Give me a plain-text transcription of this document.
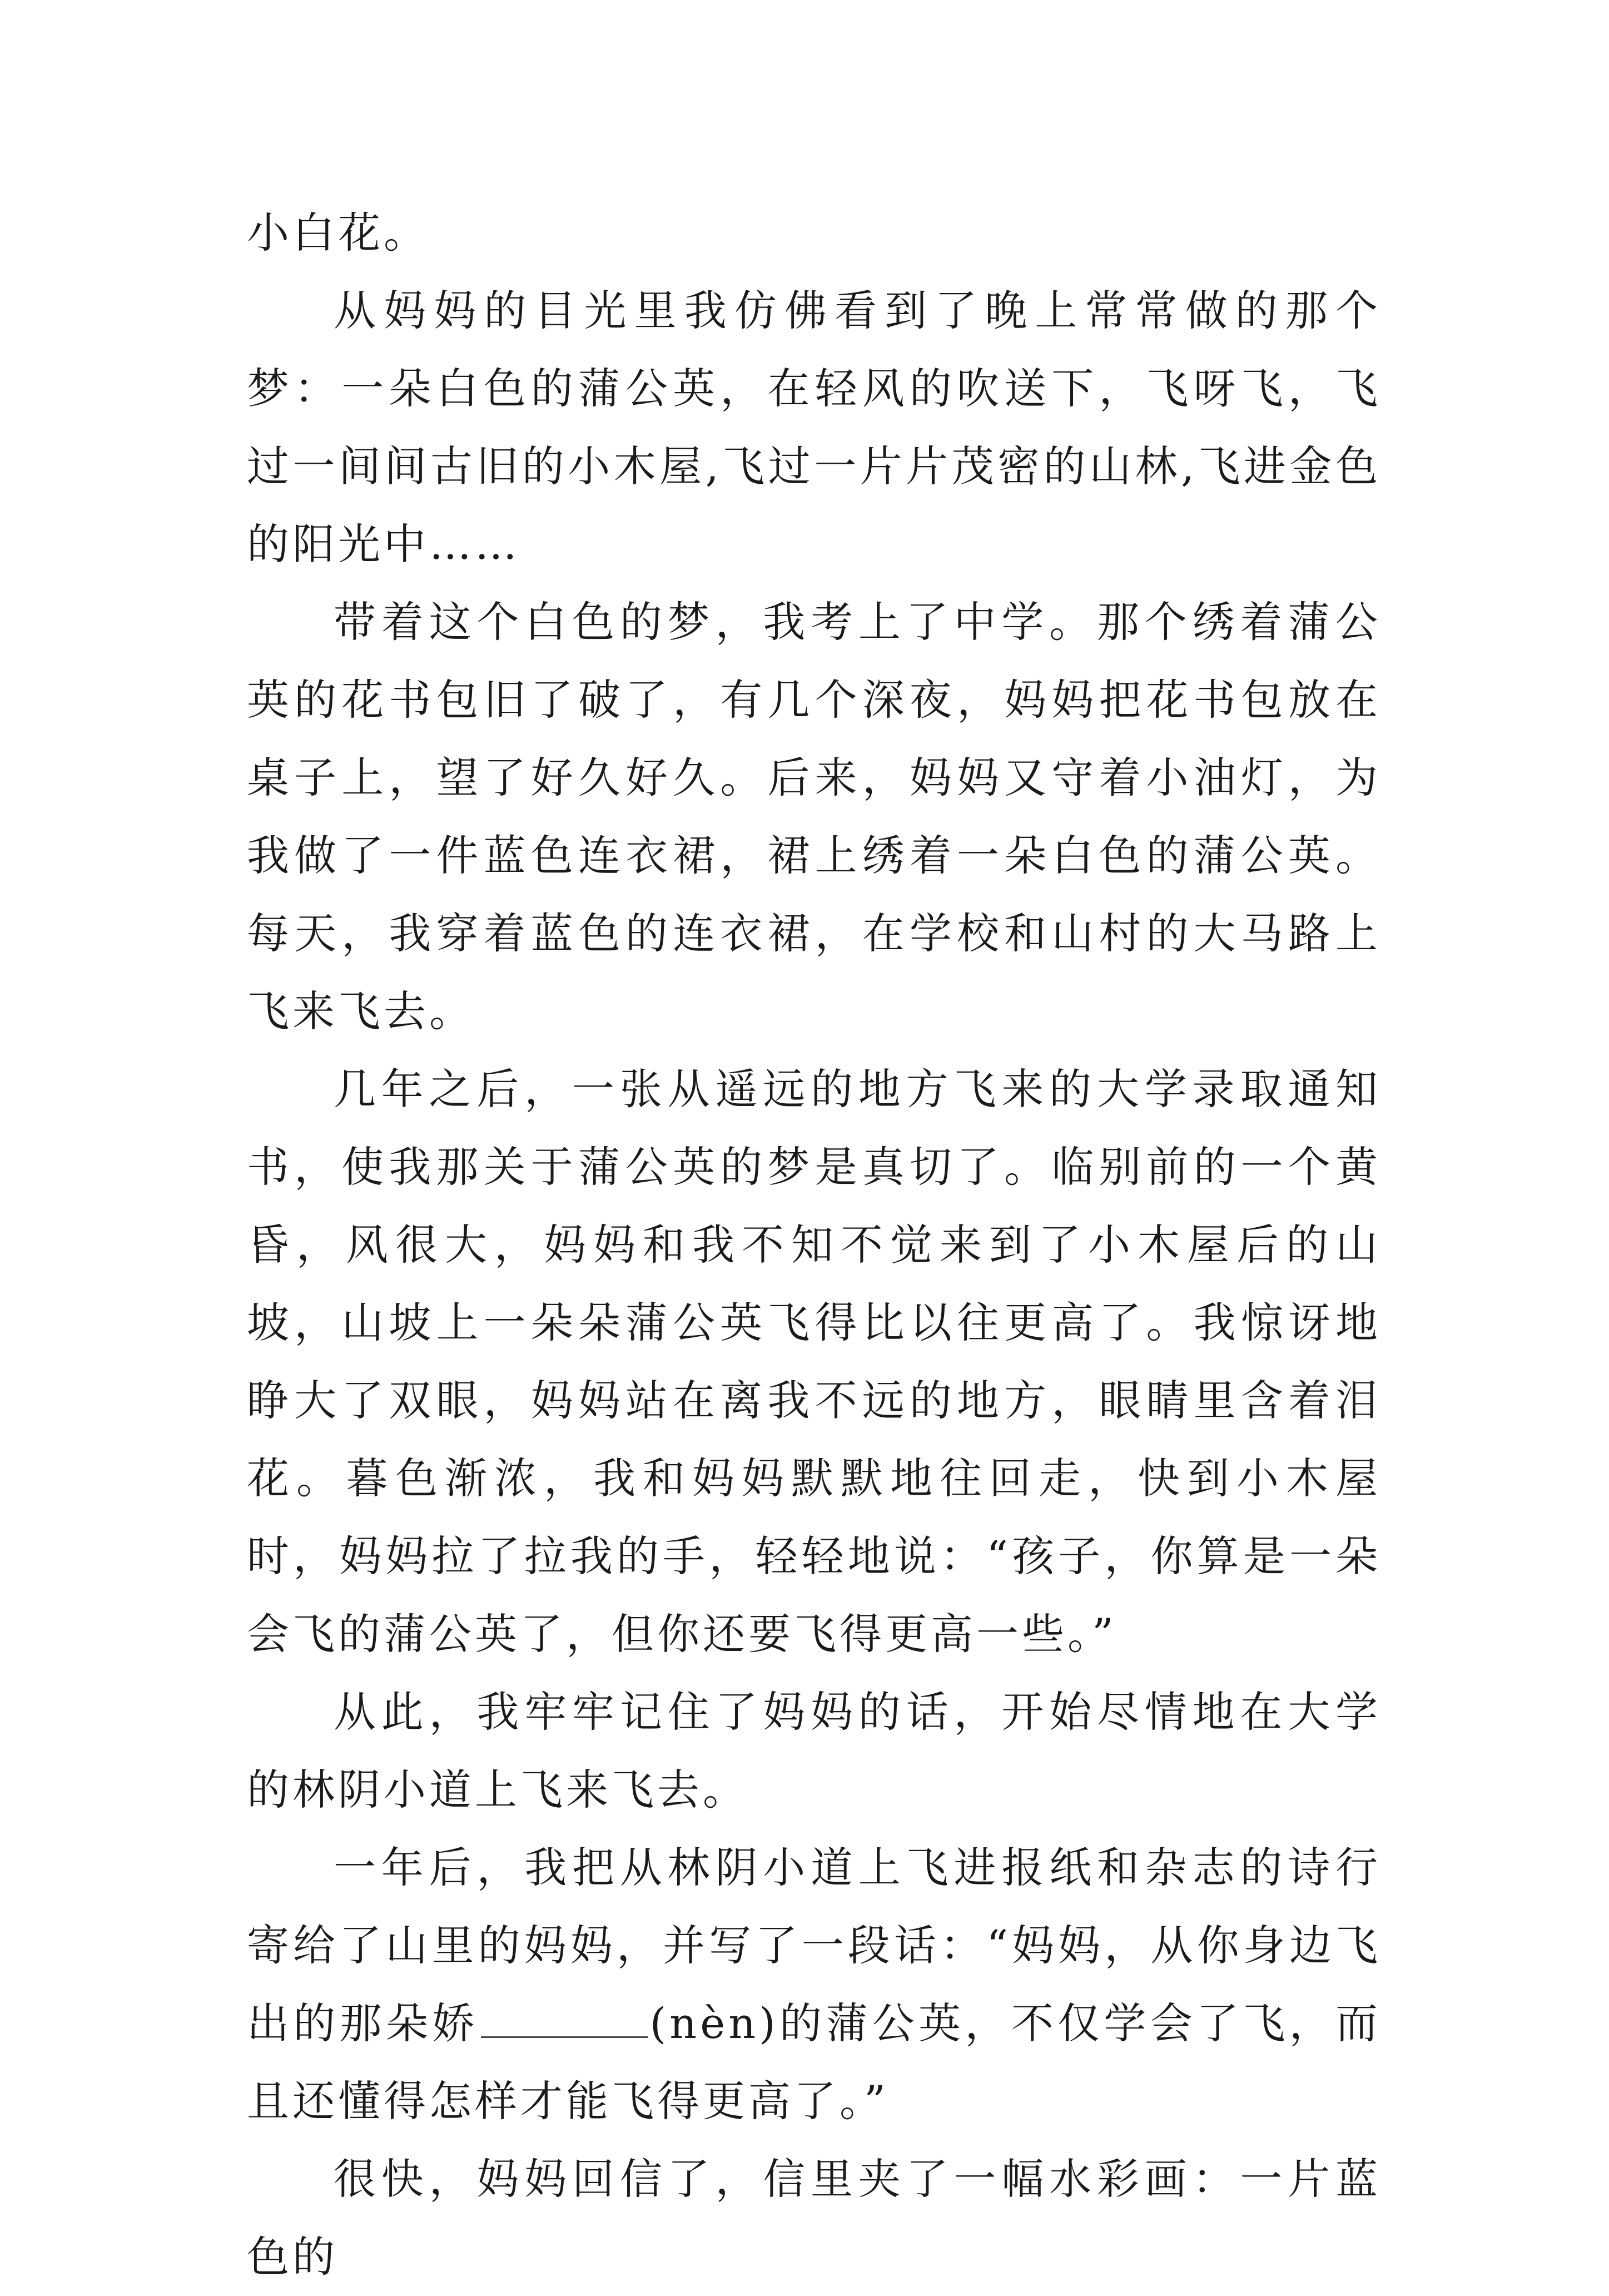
小白花。

从妈妈的目光里我仿佛看到了晚上常常做的那个梦：一朵白色的蒲公英，在轻风的吹送下，飞呀飞，飞过一间间古旧的小木屋,飞过一片片茂密的山林,飞进金色的阳光中……

带着这个白色的梦，我考上了中学。那个绣着蒲公英的花书包旧了破了，有几个深夜，妈妈把花书包放在桌子上，望了好久好久。后来，妈妈又守着小油灯，为我做了一件蓝色连衣裙，裙上绣着一朵白色的蒲公英。每天，我穿着蓝色的连衣裙，在学校和山村的大马路上飞来飞去。

几年之后，一张从遥远的地方飞来的大学录取通知书，使我那关于蒲公英的梦是真切了。临别前的一个黄昏，风很大，妈妈和我不知不觉来到了小木屋后的山坡，山坡上一朵朵蒲公英飞得比以往更高了。我惊讶地睁大了双眼，妈妈站在离我不远的地方，眼睛里含着泪花。暮色渐浓，我和妈妈默默地往回走，快到小木屋时，妈妈拉了拉我的手，轻轻地说：“孩子，你算是一朵会飞的蒲公英了，但你还要飞得更高一些。”

从此，我牢牢记住了妈妈的话，开始尽情地在大学的林阴小道上飞来飞去。

一年后，我把从林阴小道上飞进报纸和杂志的诗行寄给了山里的妈妈，并写了一段话：“妈妈，从你身边飞出的那朵娇	(nèn)的蒲公英，不仅学会了飞，而且还懂得怎样才能飞得更高了。”

很快，妈妈回信了，信里夹了一幅水彩画：一片蓝色的
